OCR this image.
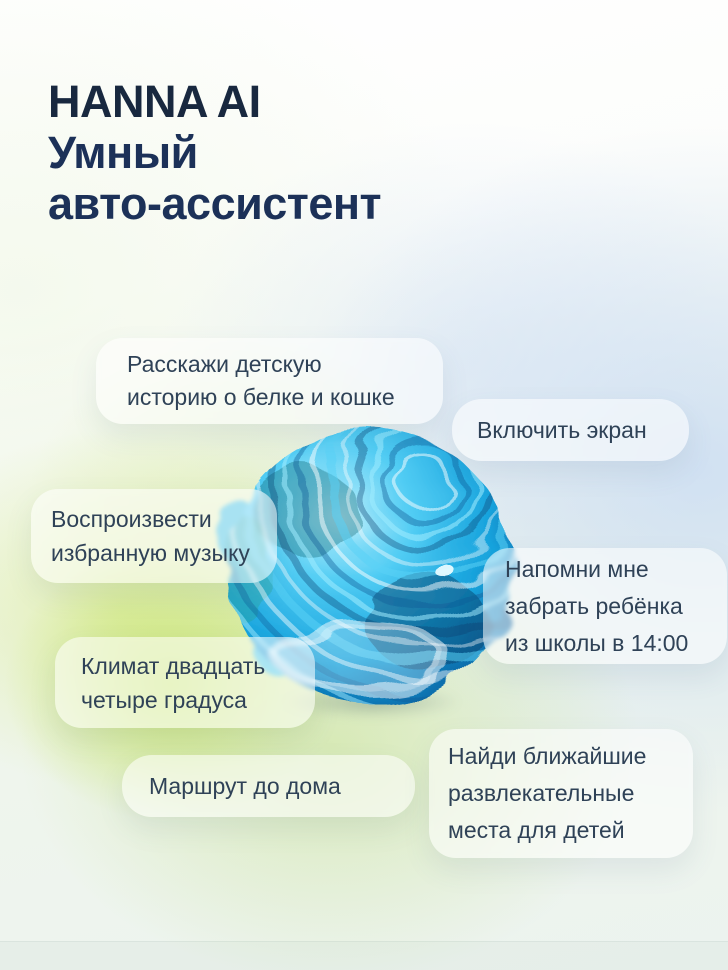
HANNA AI
Умный
авто-ассистент
Расскажи детскую
историю о белке и кошке
Включить экран
Воспроизвести
избранную музыку
Напомни мне
забрать ребёнка
из школы в 14:00
Климат двадцать
четыре градуса
Маршрут до дома
Найди ближайшие
развлекательные
места для детей
